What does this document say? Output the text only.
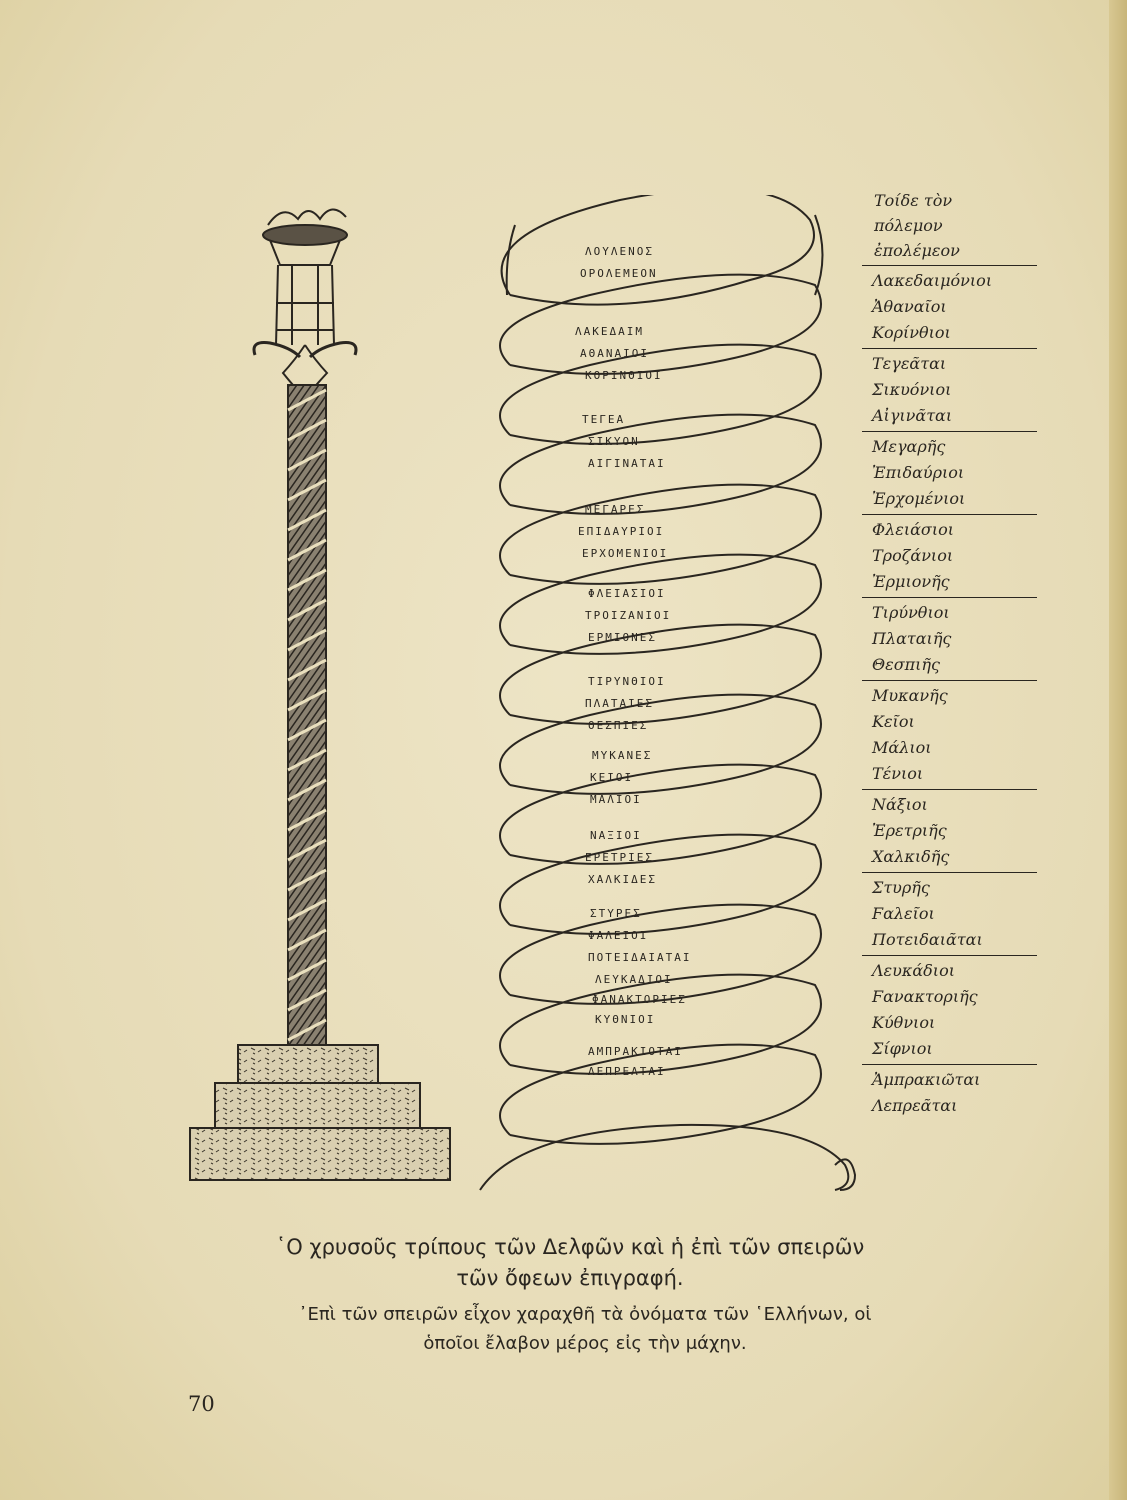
ΛΟΥΛΕΝΟΣ
ΟΡΟΛΕΜΕΟΝ
ΛΑΚΕΔΑΙΜ
ΑΘΑΝΑΙΟΙ
ΚΟΡΙΝΘΙΟΙ
ΤΕΓΕΑ
ΣΙΚΥΟΝ
ΑΙΓΙΝΑΤΑΙ
ΜΕΓΑΡΕΣ
ΕΠΙΔΑΥΡΙΟΙ
ΕΡΧΟΜΕΝΙΟΙ
ΦΛΕΙΑΣΙΟΙ
ΤΡΟΙΖΑΝΙΟΙ
ΕΡΜΙΟΝΕΣ
ΤΙΡΥΝΘΙΟΙ
ΠΛΑΤΑΙΕΣ
ΘΕΣΠΙΕΣ
ΜΥΚΑΝΕΣ
ΚΕΙΟΙ
ΜΑΛΙΟΙ
ΝΑΞΙΟΙ
ΕΡΕΤΡΙΕΣ
ΧΑΛΚΙΔΕΣ
ΣΤΥΡΕΣ
ΦΑΛΕΙΟΙ
ΠΟΤΕΙΔΑΙΑΤΑΙ
ΛΕΥΚΑΔΙΟΙ
ΦΑΝΑΚΤΟΡΙΕΣ
ΚΥΘΝΙΟΙ
ΑΜΠΡΑΚΙΟΤΑΙ
ΛΕΠΡΕΑΤΑΙ
Τοίδε τὸν
πόλεμον
ἐπολέμεον
Λακεδαιμόνιοι
Ἀθαναῖοι
Κορίνθιοι
Τεγεᾶται
Σικυόνιοι
Αἰγινᾶται
Μεγαρῆς
Ἐπιδαύριοι
Ἐρχομένιοι
Φλειάσιοι
Τροζάνιοι
Ἐρμιονῆς
Τιρύνθιοι
Πλαταιῆς
Θεσπιῆς
Μυκανῆς
Κεῖοι
Μάλιοι
Τένιοι
Νάξιοι
Ἐρετριῆς
Χαλκιδῆς
Στυρῆς
Ϝαλεῖοι
Ποτειδαιᾶται
Λευκάδιοι
Ϝανακτοριῆς
Κύθνιοι
Σίφνιοι
Ἀμπρακιῶται
Λεπρεᾶται
῾Ο χρυσοῦς τρίπους τῶν Δελφῶν καὶ ἡ ἐπὶ τῶν σπειρῶν
τῶν ὄφεων ἐπιγραφή.
᾽Επὶ τῶν σπειρῶν εἶχον χαραχθῆ τὰ ὀνόματα τῶν ῾Ελλήνων, οἱ
ὁποῖοι ἔλαβον μέρος εἰς τὴν μάχην.
70
